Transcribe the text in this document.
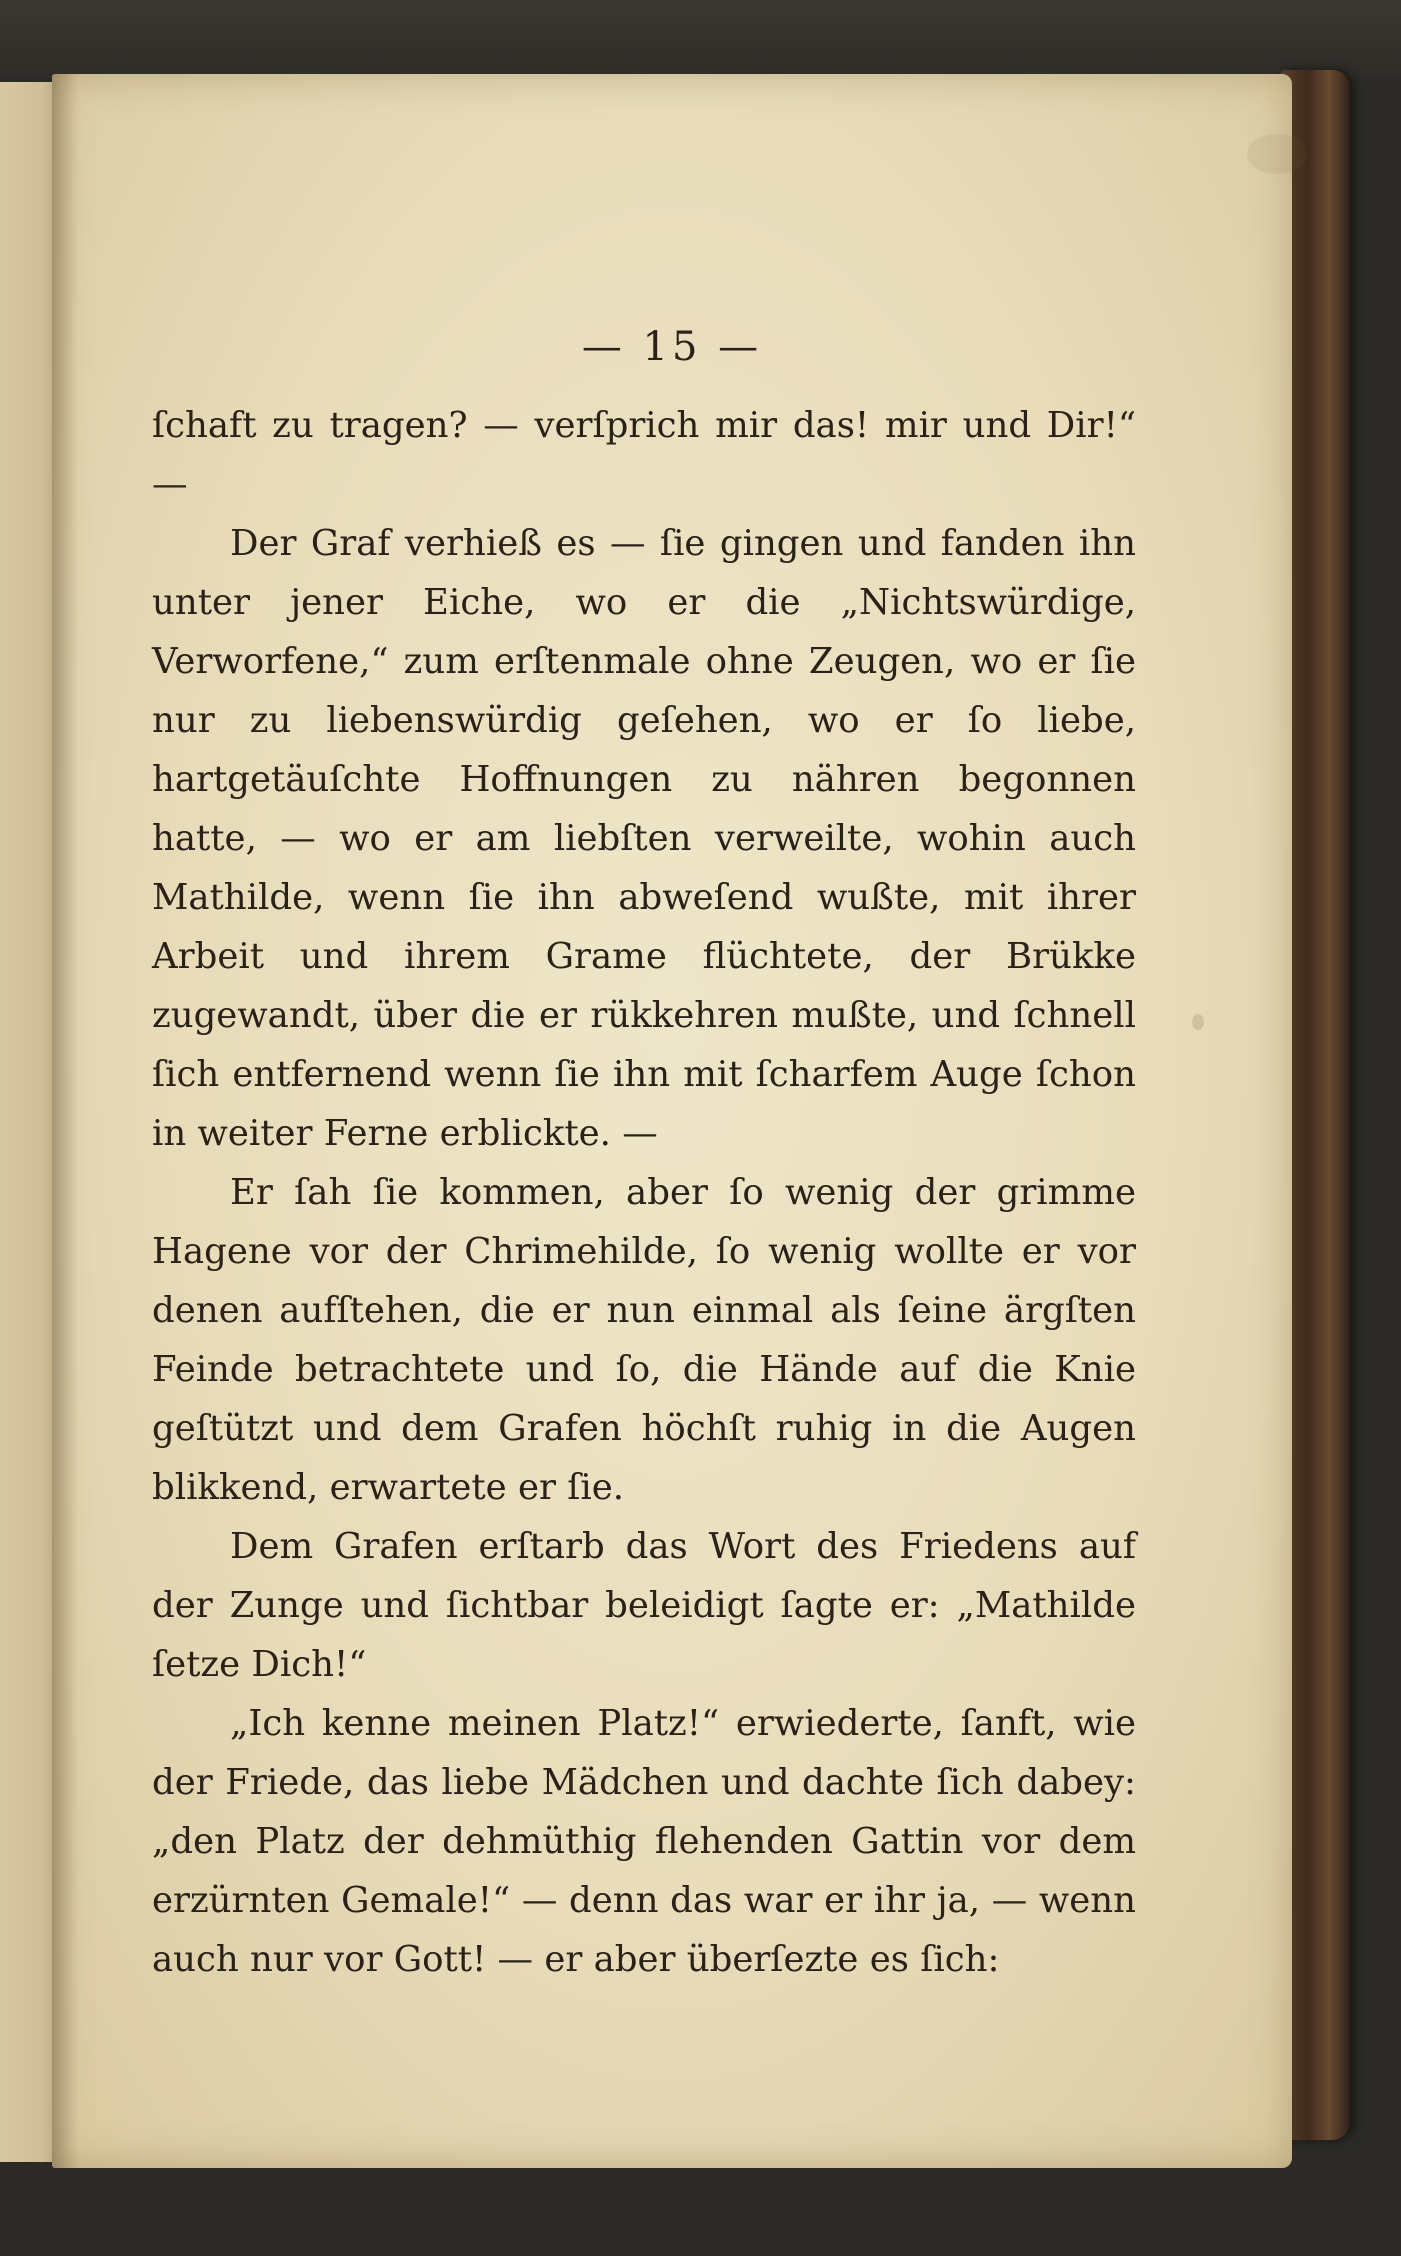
— 15 —

ſchaft zu tragen? — verſprich mir das! mir und Dir!“ —

Der Graf verhieß es — ſie gingen und fanden ihn unter jener Eiche, wo er die „Nichtswürdige, Verworfene,“ zum erſtenmale ohne Zeugen, wo er ſie nur zu liebenswürdig geſehen, wo er ſo liebe, hartgetäuſchte Hoffnungen zu nähren begonnen hatte, — wo er am liebſten verweilte, wohin auch Mathilde, wenn ſie ihn abweſend wußte, mit ihrer Arbeit und ihrem Grame flüchtete, der Brükke zugewandt, über die er rükkehren mußte, und ſchnell ſich entfernend wenn ſie ihn mit ſcharfem Auge ſchon in weiter Ferne erblickte. —

Er ſah ſie kommen, aber ſo wenig der grimme Hagene vor der Chrimehilde, ſo wenig wollte er vor denen aufſtehen, die er nun einmal als ſeine ärgſten Feinde betrachtete und ſo, die Hände auf die Knie geſtützt und dem Grafen höchſt ruhig in die Augen blikkend, erwartete er ſie.

Dem Grafen erſtarb das Wort des Friedens auf der Zunge und ſichtbar beleidigt ſagte er: „Mathilde ſetze Dich!“

„Ich kenne meinen Platz!“ erwiederte, ſanft, wie der Friede, das liebe Mädchen und dachte ſich dabey: „den Platz der dehmüthig flehenden Gattin vor dem erzürnten Gemale!“ — denn das war er ihr ja, — wenn auch nur vor Gott! — er aber überſezte es ſich:
